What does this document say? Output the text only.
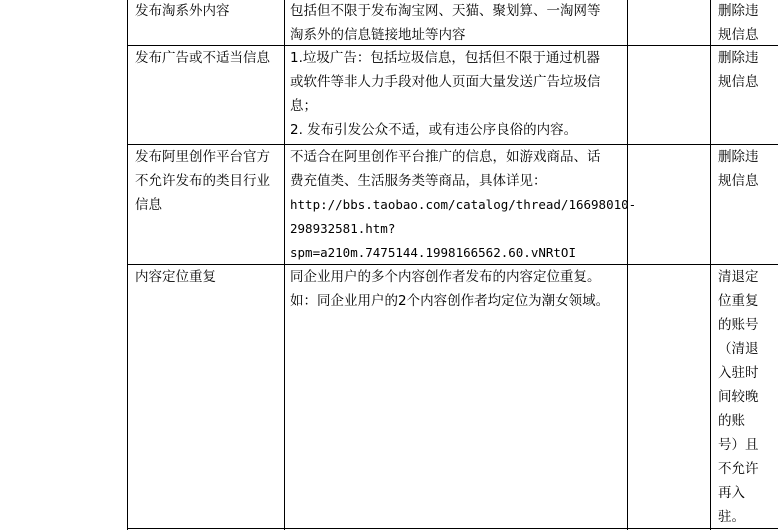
发布淘系外内容	包括但不限于发布淘宝网、天猫、聚划算、一淘网等
淘系外的信息链接地址等内容
删除违
规信息
发布广告或不适当信息 1.垃圾广告：包括垃圾信息，包括但不限于通过机器
或软件等非人力手段对他人页面大量发送广告垃圾信
息；
2. 发布引发公众不适，或有违公序良俗的内容。
删除违
规信息
发布阿里创作平台官方
不允许发布的类目行业
信息
不适合在阿里创作平台推广的信息，如游戏商品、话
费充值类、生活服务类等商品，具体详见：
http://bbs.taobao.com/catalog/thread/16698010-
298932581.htm?
spm=a210m.7475144.1998166562.60.vNRtOI
删除违
规信息
内容定位重复	同企业用户的多个内容创作者发布的内容定位重复。
如：同企业用户的2个内容创作者均定位为潮女领域。
清退定
位重复
的账号
（清退
入驻时
间较晚
的账
号）且
不允许
再入
驻。
